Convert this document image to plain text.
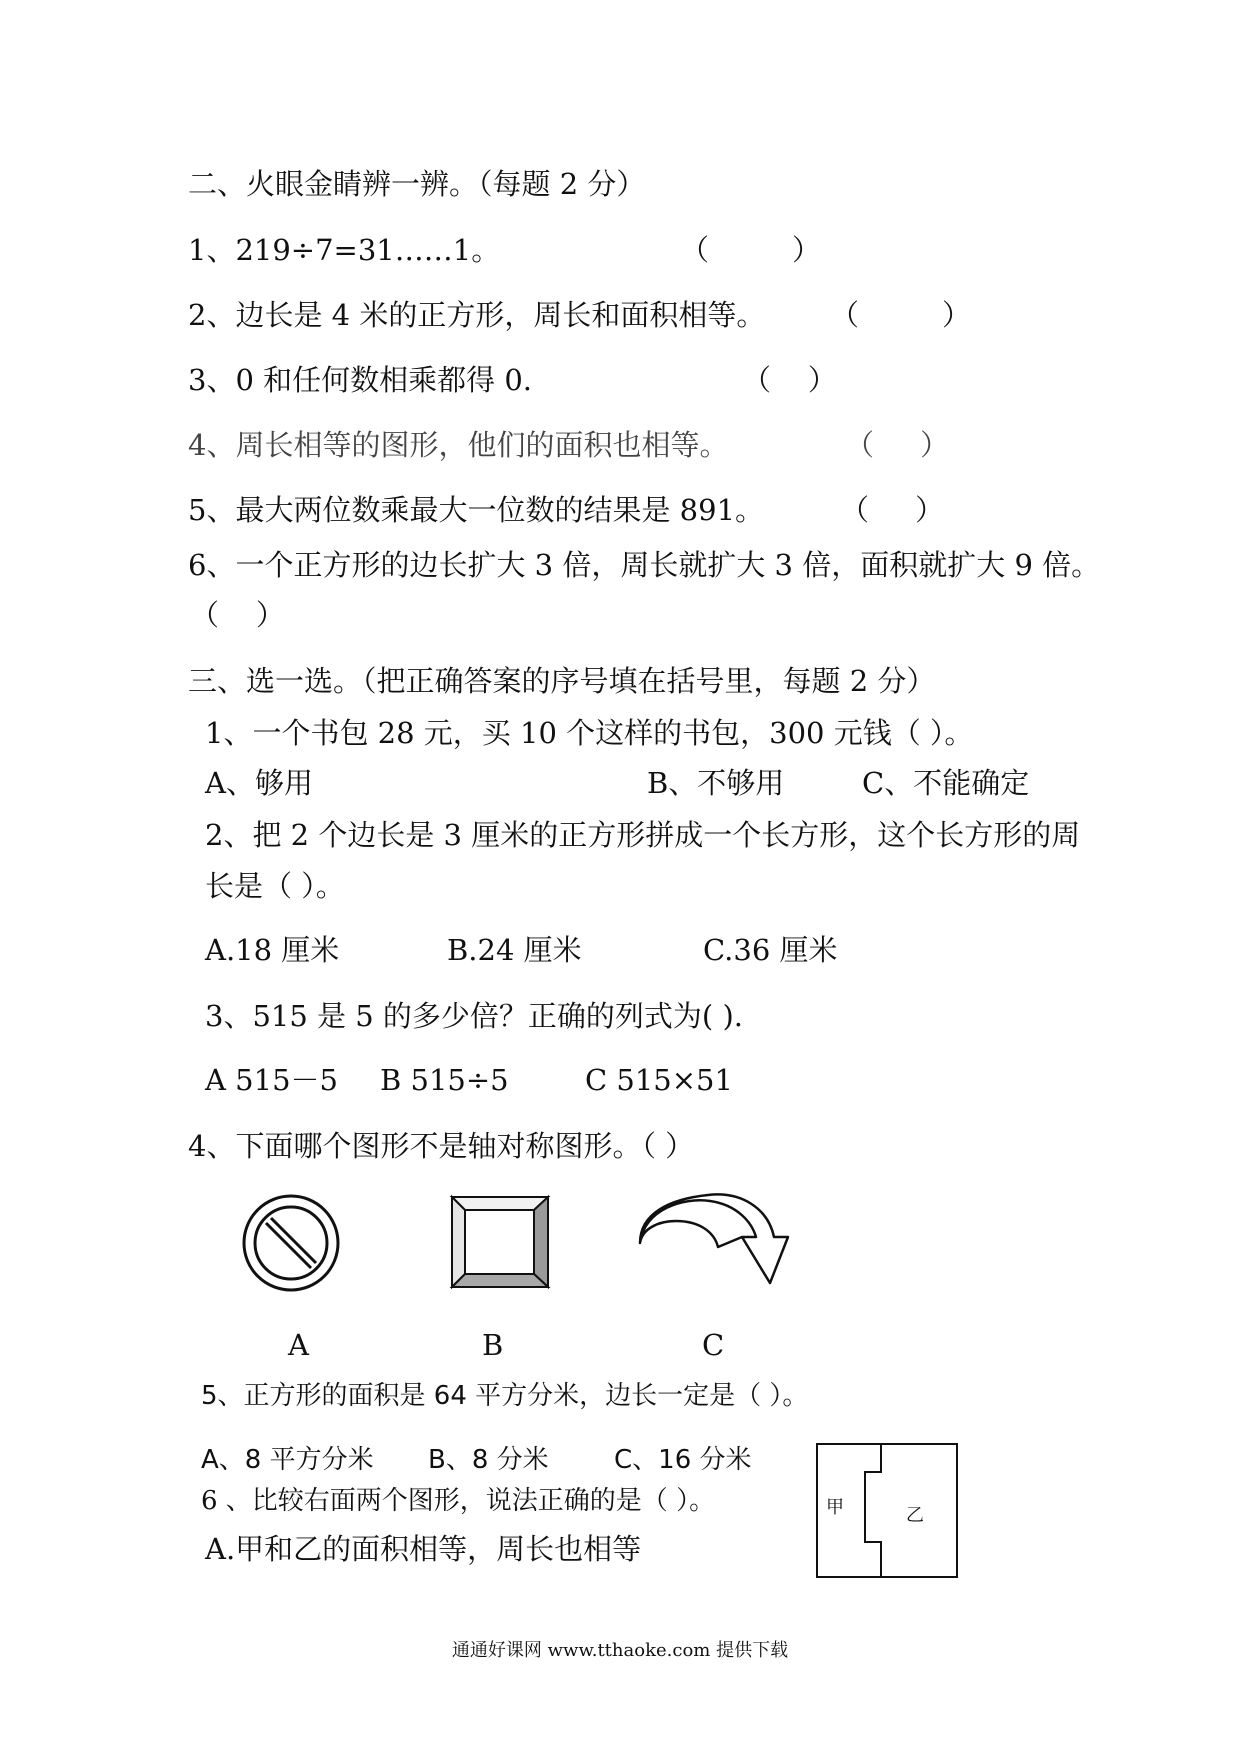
二、火眼金睛辨一辨。（每题 2 分）
1、219÷7=31……1。	（         ）
2、边长是 4 米的正方形，周长和面积相等。 （         ）
3、0 和任何数相乘都得 0.	（    ）
4、周长相等的图形，他们的面积也相等。	（     ）
5、最大两位数乘最大一位数的结果是 891。	（     ）
6、一个正方形的边长扩大 3 倍，周长就扩大 3 倍，面积就扩大 9 倍。
（    ）
三、选一选。（把正确答案的序号填在括号里，每题 2 分）
1、一个书包 28 元，买 10 个这样的书包，300 元钱（ ）。
A、够用	B、不够用	C、不能确定
2、把 2 个边长是 3 厘米的正方形拼成一个长方形，这个长方形的周
长是（ ）。
A.18 厘米	B.24 厘米	C.36 厘米
3、515 是 5 的多少倍？正确的列式为( ).
A 515－5 B 515÷5	C 515×51
4、下面哪个图形不是轴对称图形。（ ）
A	B	C
5、正方形的面积是 64 平方分米，边长一定是（ ）。
A、8 平方分米 B、8 分米	C、16 分米
6 、比较右面两个图形，说法正确的是（ ）。
A.甲和乙的面积相等，周长也相等
甲	乙
通通好课网 www.tthaoke.com 提供下载
